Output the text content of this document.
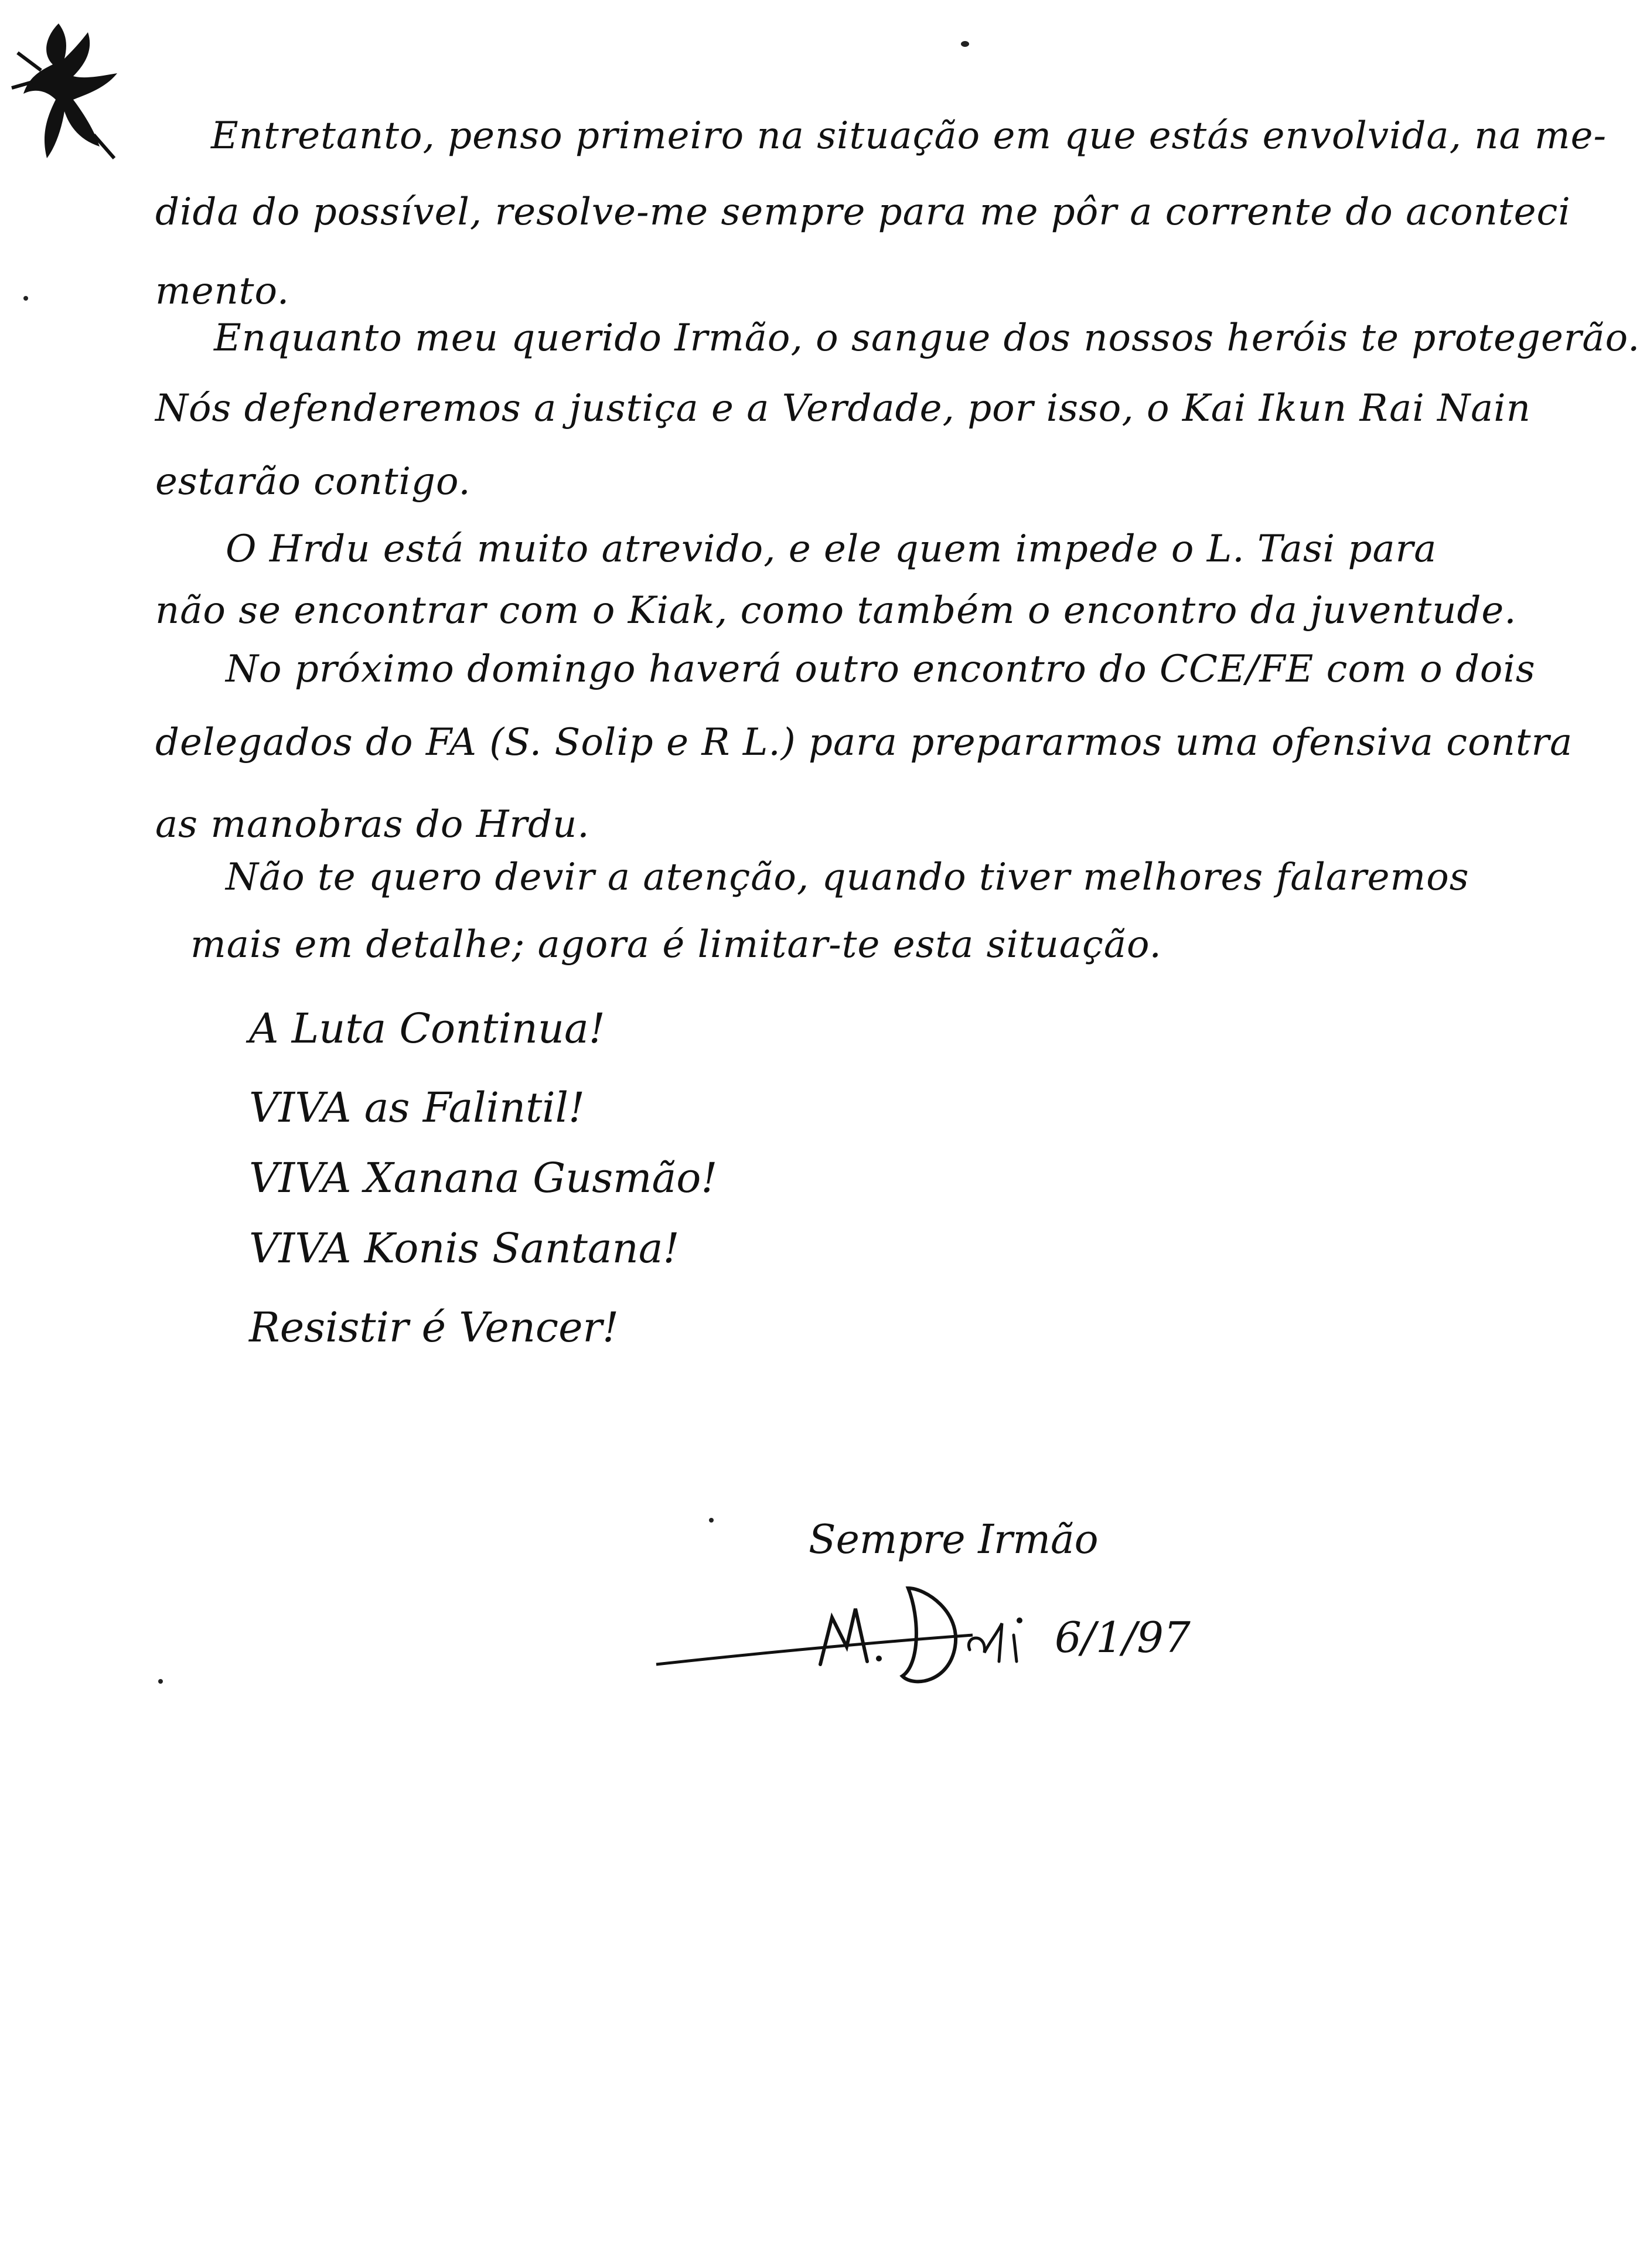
Entretanto, penso primeiro na situação em que estás envolvida, na me-

dida do possível, resolve-me sempre para me pôr a corrente do aconteci

mento.

Enquanto meu querido Irmão, o sangue dos nossos heróis te protegerão.

Nós defenderemos a justiça e a Verdade, por isso, o Kai Ikun Rai Nain

estarão contigo.

O Hrdu está muito atrevido, e ele quem impede o L. Tasi para

não se encontrar com o Kiak, como também o encontro da juventude.

No próximo domingo haverá outro encontro do CCE/FE com o dois

delegados do FA (S. Solip e R L.) para prepararmos uma ofensiva contra

as manobras do Hrdu.

Não te quero devir a atenção, quando tiver melhores falaremos

mais em detalhe; agora é limitar-te esta situação.

A Luta Continua!

VIVA as Falintil!

VIVA Xanana Gusmão!

VIVA Konis Santana!

Resistir é Vencer!

Sempre Irmão

6/1/97
